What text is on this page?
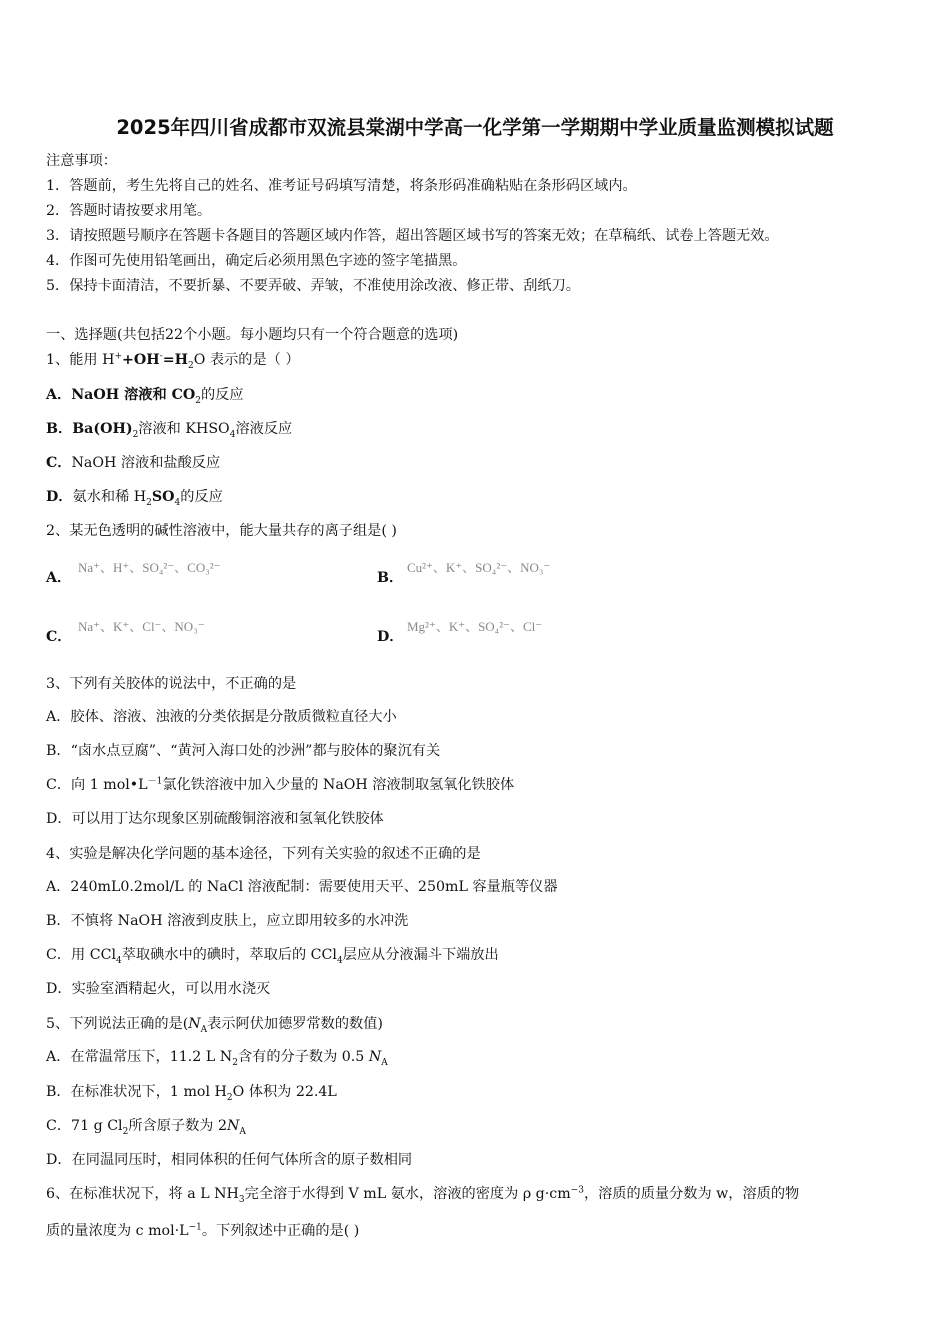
2025年四川省成都市双流县棠湖中学高一化学第一学期期中学业质量监测模拟试题
注意事项：
1．答题前，考生先将自己的姓名、准考证号码填写清楚，将条形码准确粘贴在条形码区域内。
2．答题时请按要求用笔。
3．请按照题号顺序在答题卡各题目的答题区域内作答，超出答题区域书写的答案无效；在草稿纸、试卷上答题无效。
4．作图可先使用铅笔画出，确定后必须用黑色字迹的签字笔描黑。
5．保持卡面清洁，不要折暴、不要弄破、弄皱，不准使用涂改液、修正带、刮纸刀。
一、选择题(共包括22个小题。每小题均只有一个符合题意的选项)
1、能用 $H^++OH^-=H_2O$ 表示的是（ ）
A．NaOH 溶液和 $CO_2$的反应
B．$Ba(OH)_2$溶液和 $KHSO_4$溶液反应
C．NaOH 溶液和盐酸反应
D．氨水和稀 $H_2SO_4$的反应
2、某无色透明的碱性溶液中，能大量共存的离子组是( )
A．
Na⁺、H⁺、SO₄²⁻、CO₃²⁻
B．
Cu²⁺、K⁺、SO₄²⁻、NO₃⁻
C．
Na⁺、K⁺、Cl⁻、NO₃⁻
D．
Mg²⁺、K⁺、SO₄²⁻、Cl⁻
3、下列有关胶体的说法中，不正确的是
A．胶体、溶液、浊液的分类依据是分散质微粒直径大小
B．“卤水点豆腐”、“黄河入海口处的沙洲”都与胶体的聚沉有关
C．向 1 $mol•L^{-1}$氯化铁溶液中加入少量的 NaOH 溶液制取氢氧化铁胶体
D．可以用丁达尔现象区别硫酸铜溶液和氢氧化铁胶体
4、实验是解决化学问题的基本途径，下列有关实验的叙述不正确的是
A．240mL0.2mol/L 的 NaCl 溶液配制：需要使用天平、250mL 容量瓶等仪器
B．不慎将 NaOH 溶液到皮肤上，应立即用较多的水冲洗
C．用 CCl$_4$萃取碘水中的碘时，萃取后的 CCl$_4$层应从分液漏斗下端放出
D．实验室酒精起火，可以用水浇灭
5、下列说法正确的是($N_A$表示阿伏加德罗常数的数值)
A．在常温常压下，11.2 L $N_2$含有的分子数为 0.5 $N_A$
B．在标准状况下，1 mol $H_2O$ 体积为 22.4L
C．71 g $Cl_2$所含原子数为 $2N_A$
D．在同温同压时，相同体积的任何气体所含的原子数相同
6、在标准状况下，将 a L $NH_3$完全溶于水得到 V mL 氨水，溶液的密度为 ρ $g\cdot cm^{-3}$，溶质的质量分数为 w，溶质的物
质的量浓度为 c $mol\cdot L^{-1}$。下列叙述中正确的是( )
